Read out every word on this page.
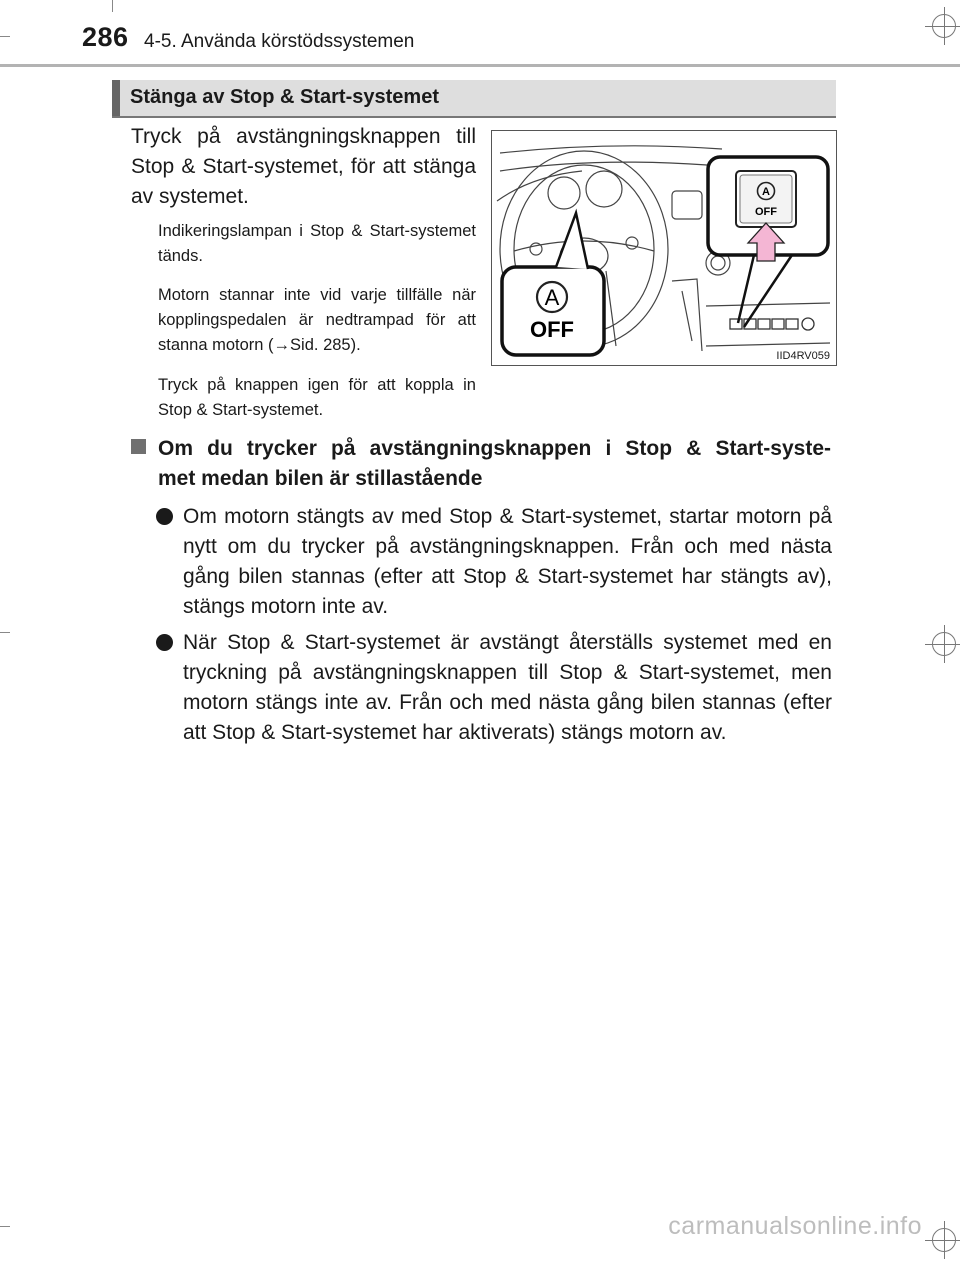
286 4-5. Använda körstödssystemen
Stänga av Stop & Start-systemet
Tryck på avstängningsknappen till Stop & Start-systemet, för att stänga av systemet.
Indikeringslampan i Stop & Start-systemet tänds.
Motorn stannar inte vid varje tillfälle när kopplingspedalen är nedtrampad för att stanna motorn (→Sid. 285).
Tryck på knappen igen för att koppla in Stop & Start-systemet.
A
OFF
A
OFF
IID4RV059
Om du trycker på avstängningsknappen i Stop & Start-syste-
met medan bilen är stillastående
Om motorn stängts av med Stop & Start-systemet, startar motorn på nytt om du trycker på avstängningsknappen. Från och med nästa gång bilen stannas (efter att Stop & Start-systemet har stängts av), stängs motorn inte av.
När Stop & Start-systemet är avstängt återställs systemet med en tryckning på avstängningsknappen till Stop & Start-systemet, men motorn stängs inte av. Från och med nästa gång bilen stannas (efter att Stop & Start-systemet har aktiverats) stängs motorn av.
carmanualsonline.info
